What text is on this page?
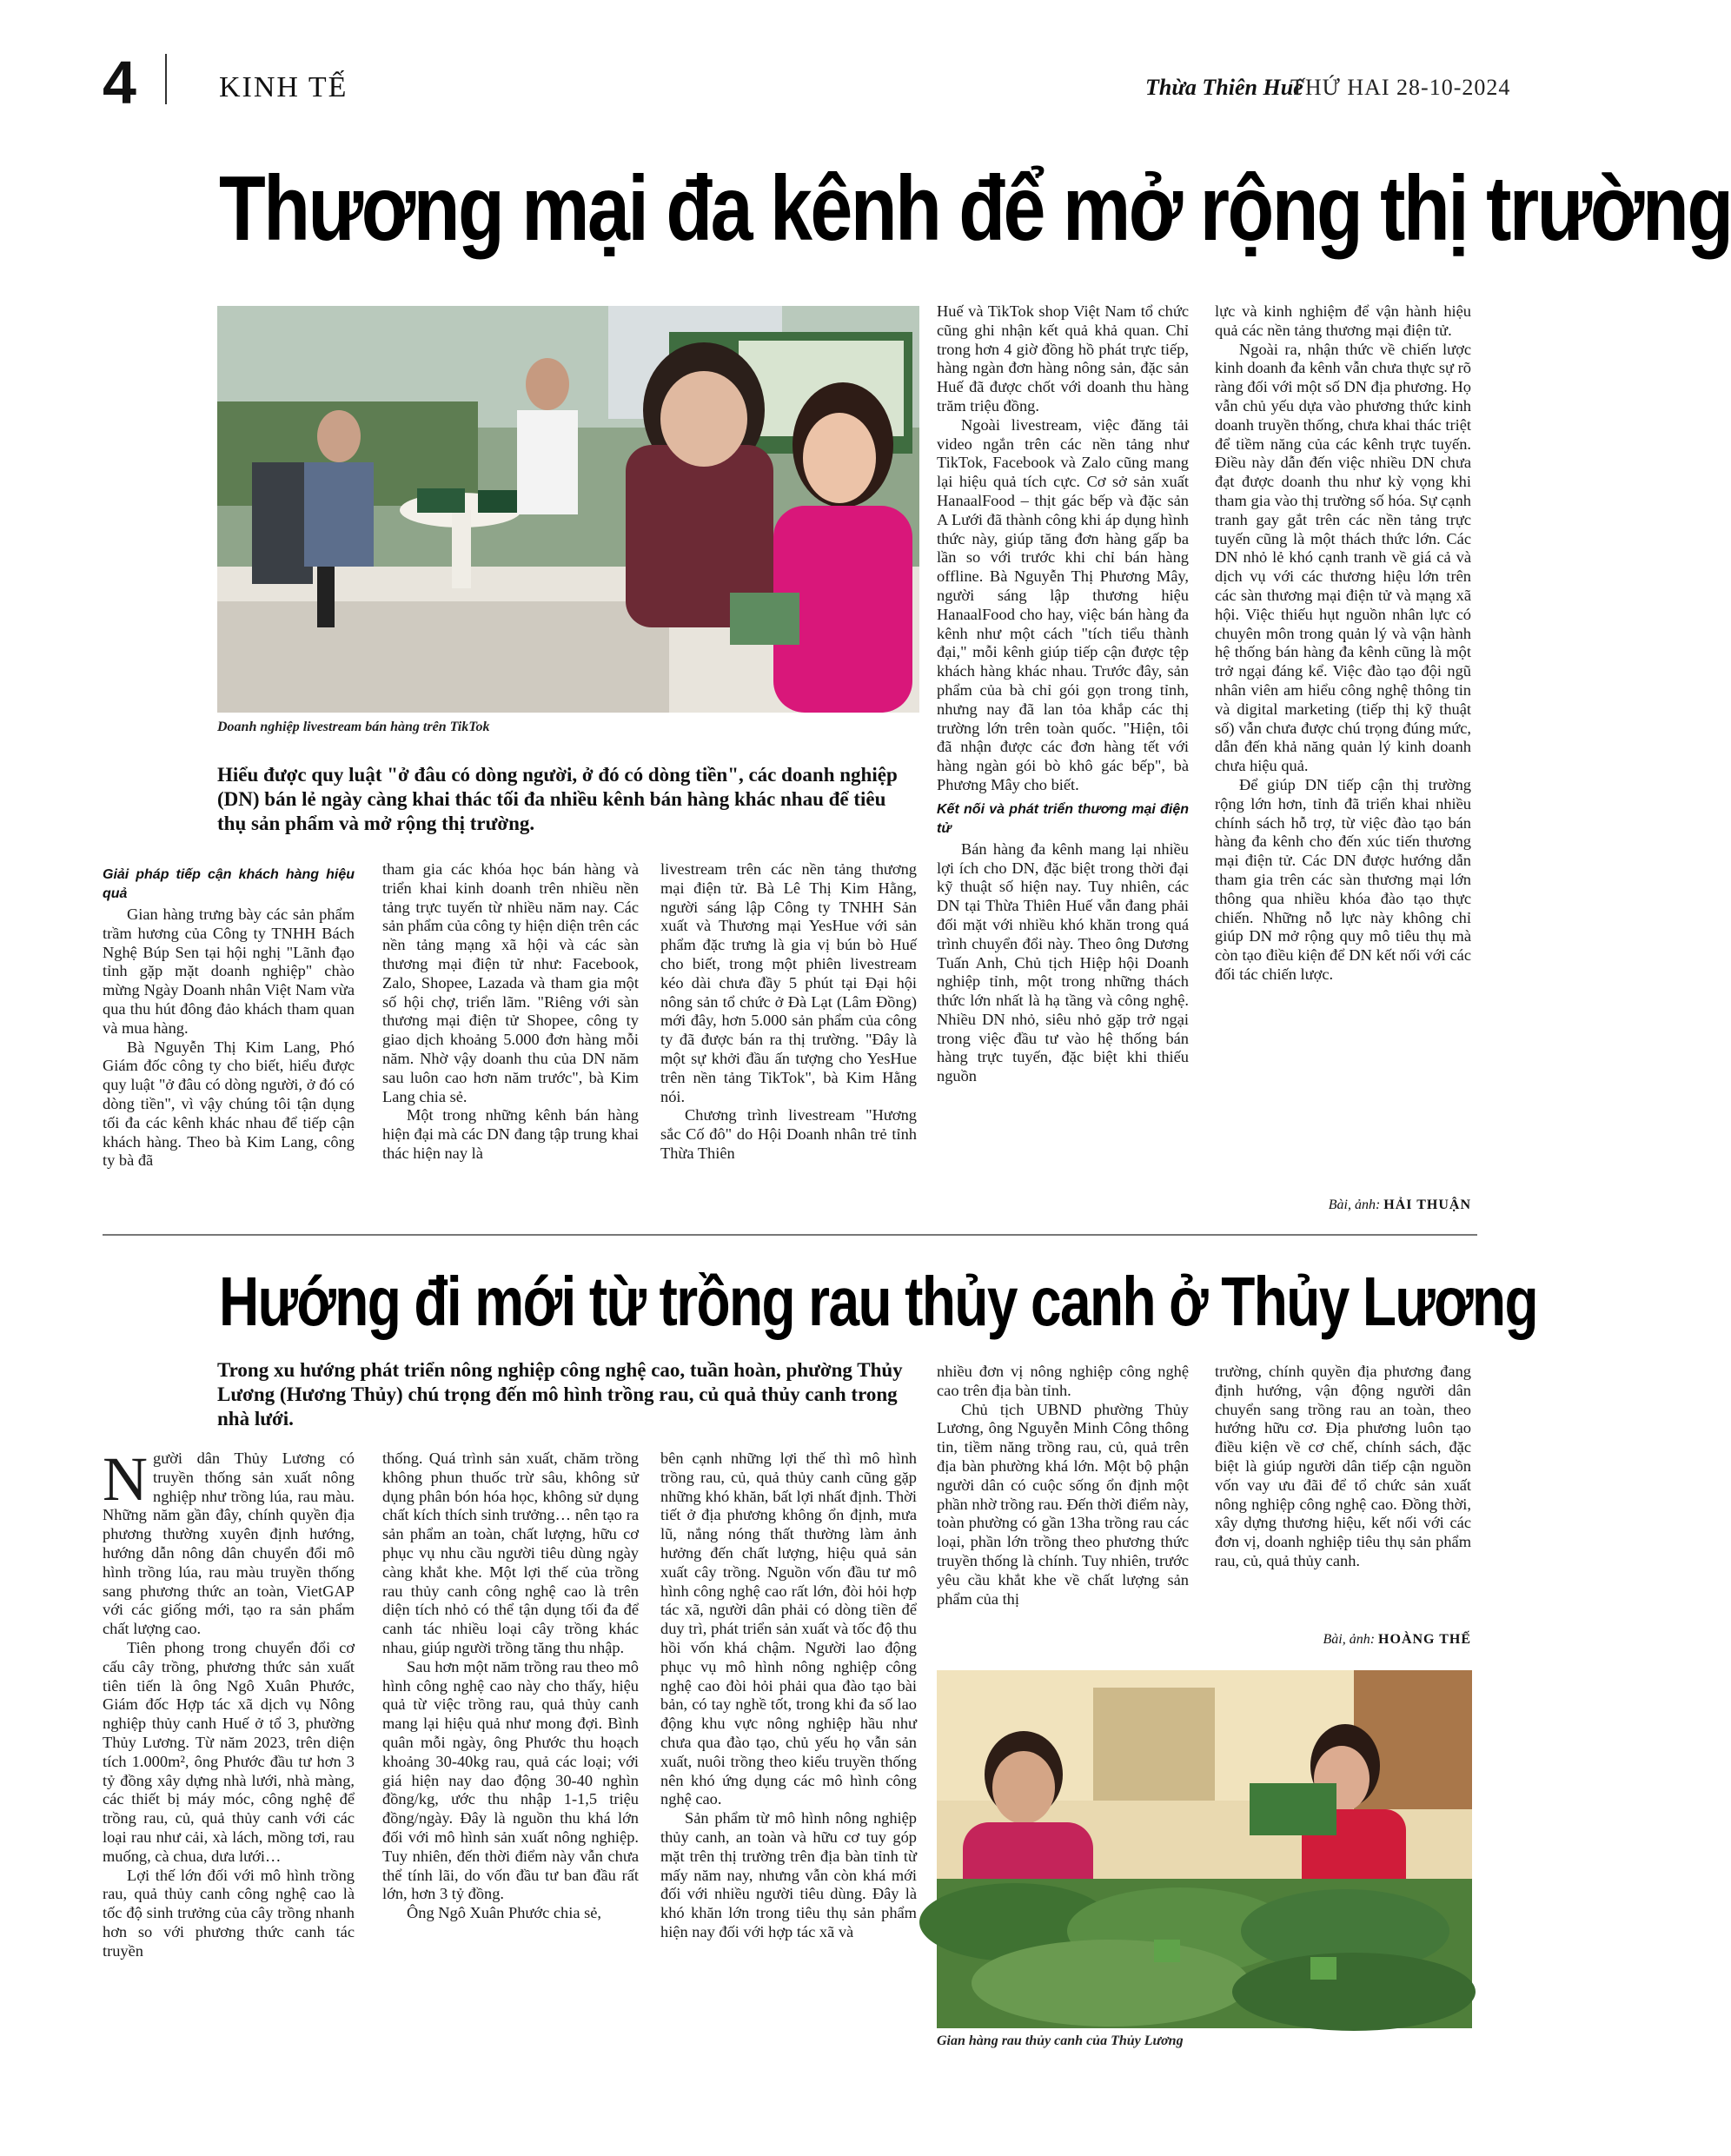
4	KINH TẾ	Thừa Thiên Huế
THỨ HAI 28-10-2024
Thương mại đa kênh để mở rộng thị trường
Doanh nghiệp livestream bán hàng trên TikTok
Hiểu được quy luật "ở đâu có dòng người, ở đó có dòng tiền", các doanh nghiệp (DN) bán lẻ ngày càng khai thác tối đa nhiều kênh bán hàng khác nhau để tiêu thụ sản phẩm và mở rộng thị trường.
Giải pháp tiếp cận khách hàng hiệu quả

Gian hàng trưng bày các sản phẩm trầm hương của Công ty TNHH Bách Nghệ Búp Sen tại hội nghị "Lãnh đạo tỉnh gặp mặt doanh nghiệp" chào mừng Ngày Doanh nhân Việt Nam vừa qua thu hút đông đảo khách tham quan và mua hàng.

Bà Nguyễn Thị Kim Lang, Phó Giám đốc công ty cho biết, hiểu được quy luật "ở đâu có dòng người, ở đó có dòng tiền", vì vậy chúng tôi tận dụng tối đa các kênh khác nhau để tiếp cận khách hàng. Theo bà Kim Lang, công ty bà đã

tham gia các khóa học bán hàng và triển khai kinh doanh trên nhiều nền tảng trực tuyến từ nhiều năm nay. Các sản phẩm của công ty hiện diện trên các nền tảng mạng xã hội và các sàn thương mại điện tử như: Facebook, Zalo, Shopee, Lazada và tham gia một số hội chợ, triển lãm. "Riêng với sàn thương mại điện tử Shopee, công ty giao dịch khoảng 5.000 đơn hàng mỗi năm. Nhờ vậy doanh thu của DN năm sau luôn cao hơn năm trước", bà Kim Lang chia sẻ.

Một trong những kênh bán hàng hiện đại mà các DN đang tập trung khai thác hiện nay là

livestream trên các nền tảng thương mại điện tử. Bà Lê Thị Kim Hằng, người sáng lập Công ty TNHH Sản xuất và Thương mại YesHue với sản phẩm đặc trưng là gia vị bún bò Huế cho biết, trong một phiên livestream kéo dài chưa đầy 5 phút tại Đại hội nông sản tổ chức ở Đà Lạt (Lâm Đồng) mới đây, hơn 5.000 sản phẩm của công ty đã được bán ra thị trường. "Đây là một sự khởi đầu ấn tượng cho YesHue trên nền tảng TikTok", bà Kim Hằng nói.

Chương trình livestream "Hương sắc Cố đô" do Hội Doanh nhân trẻ tỉnh Thừa Thiên

Huế và TikTok shop Việt Nam tổ chức cũng ghi nhận kết quả khả quan. Chỉ trong hơn 4 giờ đồng hồ phát trực tiếp, hàng ngàn đơn hàng nông sản, đặc sản Huế đã được chốt với doanh thu hàng trăm triệu đồng.

Ngoài livestream, việc đăng tải video ngắn trên các nền tảng như TikTok, Facebook và Zalo cũng mang lại hiệu quả tích cực. Cơ sở sản xuất HanaalFood – thịt gác bếp và đặc sản A Lưới đã thành công khi áp dụng hình thức này, giúp tăng đơn hàng gấp ba lần so với trước khi chỉ bán hàng offline. Bà Nguyễn Thị Phương Mây, người sáng lập thương hiệu HanaalFood cho hay, việc bán hàng đa kênh như một cách "tích tiểu thành đại," mỗi kênh giúp tiếp cận được tệp khách hàng khác nhau. Trước đây, sản phẩm của bà chỉ gói gọn trong tỉnh, nhưng nay đã lan tỏa khắp các thị trường lớn trên toàn quốc. "Hiện, tôi đã nhận được các đơn hàng tết với hàng ngàn gói bò khô gác bếp", bà Phương Mây cho biết.

Kết nối và phát triển thương mại điện tử

Bán hàng đa kênh mang lại nhiều lợi ích cho DN, đặc biệt trong thời đại kỹ thuật số hiện nay. Tuy nhiên, các DN tại Thừa Thiên Huế vẫn đang phải đối mặt với nhiều khó khăn trong quá trình chuyển đổi này. Theo ông Dương Tuấn Anh, Chủ tịch Hiệp hội Doanh nghiệp tỉnh, một trong những thách thức lớn nhất là hạ tầng và công nghệ. Nhiều DN nhỏ, siêu nhỏ gặp trở ngại trong việc đầu tư vào hệ thống bán hàng trực tuyến, đặc biệt khi thiếu nguồn

lực và kinh nghiệm để vận hành hiệu quả các nền tảng thương mại điện tử.

Ngoài ra, nhận thức về chiến lược kinh doanh đa kênh vẫn chưa thực sự rõ ràng đối với một số DN địa phương. Họ vẫn chủ yếu dựa vào phương thức kinh doanh truyền thống, chưa khai thác triệt để tiềm năng của các kênh trực tuyến. Điều này dẫn đến việc nhiều DN chưa đạt được doanh thu như kỳ vọng khi tham gia vào thị trường số hóa. Sự cạnh tranh gay gắt trên các nền tảng trực tuyến cũng là một thách thức lớn. Các DN nhỏ lẻ khó cạnh tranh về giá cả và dịch vụ với các thương hiệu lớn trên các sàn thương mại điện tử và mạng xã hội. Việc thiếu hụt nguồn nhân lực có chuyên môn trong quản lý và vận hành hệ thống bán hàng đa kênh cũng là một trở ngại đáng kể. Việc đào tạo đội ngũ nhân viên am hiểu công nghệ thông tin và digital marketing (tiếp thị kỹ thuật số) vẫn chưa được chú trọng đúng mức, dẫn đến khả năng quản lý kinh doanh chưa hiệu quả.

Để giúp DN tiếp cận thị trường rộng lớn hơn, tỉnh đã triển khai nhiều chính sách hỗ trợ, từ việc đào tạo bán hàng đa kênh cho đến xúc tiến thương mại điện tử. Các DN được hướng dẫn tham gia trên các sàn thương mại lớn thông qua nhiều khóa đào tạo thực chiến. Những nỗ lực này không chỉ giúp DN mở rộng quy mô tiêu thụ mà còn tạo điều kiện để DN kết nối với các đối tác chiến lược.

Bài, ảnh: HẢI THUẬN
Hướng đi mới từ trồng rau thủy canh ở Thủy Lương
Trong xu hướng phát triển nông nghiệp công nghệ cao, tuần hoàn, phường Thủy Lương (Hương Thủy) chú trọng đến mô hình trồng rau, củ quả thủy canh trong nhà lưới.

Người dân Thủy Lương có truyền thống sản xuất nông nghiệp như trồng lúa, rau màu. Những năm gần đây, chính quyền địa phương thường xuyên định hướng, hướng dẫn nông dân chuyển đổi mô hình trồng lúa, rau màu truyền thống sang phương thức an toàn, VietGAP với các giống mới, tạo ra sản phẩm chất lượng cao.

Tiên phong trong chuyển đổi cơ cấu cây trồng, phương thức sản xuất tiên tiến là ông Ngô Xuân Phước, Giám đốc Hợp tác xã dịch vụ Nông nghiệp thủy canh Huế ở tổ 3, phường Thủy Lương. Từ năm 2023, trên diện tích 1.000m², ông Phước đầu tư hơn 3 tỷ đồng xây dựng nhà lưới, nhà màng, các thiết bị máy móc, công nghệ để trồng rau, củ, quả thủy canh với các loại rau như cải, xà lách, mồng tơi, rau muống, cà chua, dưa lưới…

Lợi thế lớn đối với mô hình trồng rau, quả thủy canh công nghệ cao là tốc độ sinh trưởng của cây trồng nhanh hơn so với phương thức canh tác truyền

thống. Quá trình sản xuất, chăm trồng không phun thuốc trừ sâu, không sử dụng phân bón hóa học, không sử dụng chất kích thích sinh trưởng… nên tạo ra sản phẩm an toàn, chất lượng, hữu cơ phục vụ nhu cầu người tiêu dùng ngày càng khắt khe. Một lợi thế của trồng rau thủy canh công nghệ cao là trên diện tích nhỏ có thể tận dụng tối đa để canh tác nhiều loại cây trồng khác nhau, giúp người trồng tăng thu nhập.

Sau hơn một năm trồng rau theo mô hình công nghệ cao này cho thấy, hiệu quả từ việc trồng rau, quả thủy canh mang lại hiệu quả như mong đợi. Bình quân mỗi ngày, ông Phước thu hoạch khoảng 30-40kg rau, quả các loại; với giá hiện nay dao động 30-40 nghìn đồng/kg, ước thu nhập 1-1,5 triệu đồng/ngày. Đây là nguồn thu khá lớn đối với mô hình sản xuất nông nghiệp. Tuy nhiên, đến thời điểm này vẫn chưa thể tính lãi, do vốn đầu tư ban đầu rất lớn, hơn 3 tỷ đồng.

Ông Ngô Xuân Phước chia sẻ,

bên cạnh những lợi thế thì mô hình trồng rau, củ, quả thủy canh cũng gặp những khó khăn, bất lợi nhất định. Thời tiết ở địa phương không ổn định, mưa lũ, nắng nóng thất thường làm ảnh hưởng đến chất lượng, hiệu quả sản xuất cây trồng. Nguồn vốn đầu tư mô hình công nghệ cao rất lớn, đòi hỏi hợp tác xã, người dân phải có dòng tiền để duy trì, phát triển sản xuất và tốc độ thu hồi vốn khá chậm. Người lao động phục vụ mô hình nông nghiệp công nghệ cao đòi hỏi phải qua đào tạo bài bản, có tay nghề tốt, trong khi đa số lao động khu vực nông nghiệp hầu như chưa qua đào tạo, chủ yếu họ vẫn sản xuất, nuôi trồng theo kiểu truyền thống nên khó ứng dụng các mô hình công nghệ cao.

Sản phẩm từ mô hình nông nghiệp thủy canh, an toàn và hữu cơ tuy góp mặt trên thị trường trên địa bàn tỉnh từ mấy năm nay, nhưng vẫn còn khá mới đối với nhiều người tiêu dùng. Đây là khó khăn lớn trong tiêu thụ sản phẩm hiện nay đối với hợp tác xã và

nhiều đơn vị nông nghiệp công nghệ cao trên địa bàn tỉnh.

Chủ tịch UBND phường Thủy Lương, ông Nguyễn Minh Công thông tin, tiềm năng trồng rau, củ, quả trên địa bàn phường khá lớn. Một bộ phận người dân có cuộc sống ổn định một phần nhờ trồng rau. Đến thời điểm này, toàn phường có gần 13ha trồng rau các loại, phần lớn trồng theo phương thức truyền thống là chính. Tuy nhiên, trước yêu cầu khắt khe về chất lượng sản phẩm của thị

trường, chính quyền địa phương đang định hướng, vận động người dân chuyển sang trồng rau an toàn, theo hướng hữu cơ. Địa phương luôn tạo điều kiện về cơ chế, chính sách, đặc biệt là giúp người dân tiếp cận nguồn vốn vay ưu đãi để tổ chức sản xuất nông nghiệp công nghệ cao. Đồng thời, xây dựng thương hiệu, kết nối với các đơn vị, doanh nghiệp tiêu thụ sản phẩm rau, củ, quả thủy canh.

Bài, ảnh: HOÀNG THẾ
Gian hàng rau thủy canh của Thủy Lương
